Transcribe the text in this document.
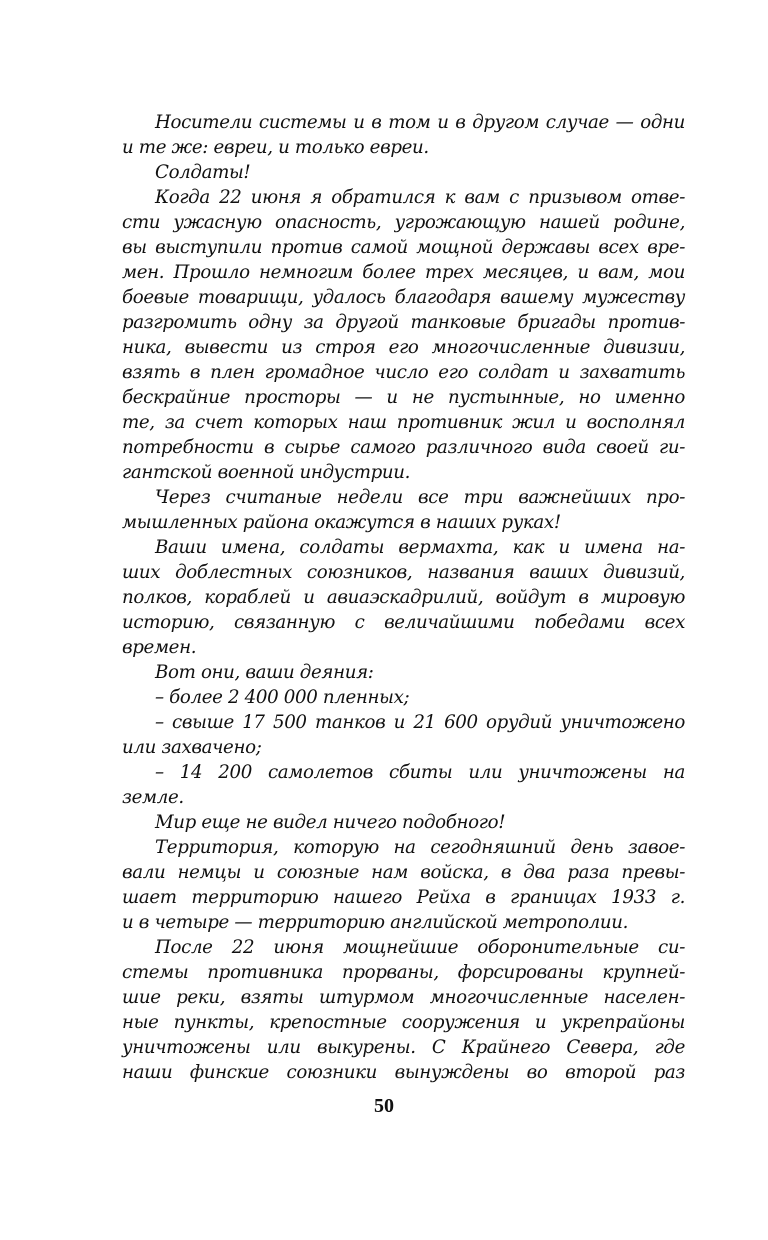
Носители системы и в том и в другом случае — одни
и те же: евреи, и только евреи.
Солдаты!
Когда 22 июня я обратился к вам с призывом отве-
сти ужасную опасность, угрожающую нашей родине,
вы выступили против самой мощной державы всех вре-
мен. Прошло немногим более трех месяцев, и вам, мои
боевые товарищи, удалось благодаря вашему мужеству
разгромить одну за другой танковые бригады против-
ника, вывести из строя его многочисленные дивизии,
взять в плен громадное число его солдат и захватить
бескрайние просторы — и не пустынные, но именно
те, за счет которых наш противник жил и восполнял
потребности в сырье самого различного вида своей ги-
гантской военной индустрии.
Через считаные недели все три важнейших про-
мышленных района окажутся в наших руках!
Ваши имена, солдаты вермахта, как и имена на-
ших доблестных союзников, названия ваших дивизий,
полков, кораблей и авиаэскадрилий, войдут в мировую
историю, связанную с величайшими победами всех
времен.
Вот они, ваши деяния:
– более 2 400 000 пленных;
– свыше 17 500 танков и 21 600 орудий уничтожено
или захвачено;
– 14 200 самолетов сбиты или уничтожены на
земле.
Мир еще не видел ничего подобного!
Территория, которую на сегодняшний день завое-
вали немцы и союзные нам войска, в два раза превы-
шает территорию нашего Рейха в границах 1933 г.
и в четыре — территорию английской метрополии.
После 22 июня мощнейшие оборонительные си-
стемы противника прорваны, форсированы крупней-
шие реки, взяты штурмом многочисленные населен-
ные пункты, крепостные сооружения и укрепрайоны
уничтожены или выкурены. С Крайнего Севера, где
наши финские союзники вынуждены во второй раз
50
